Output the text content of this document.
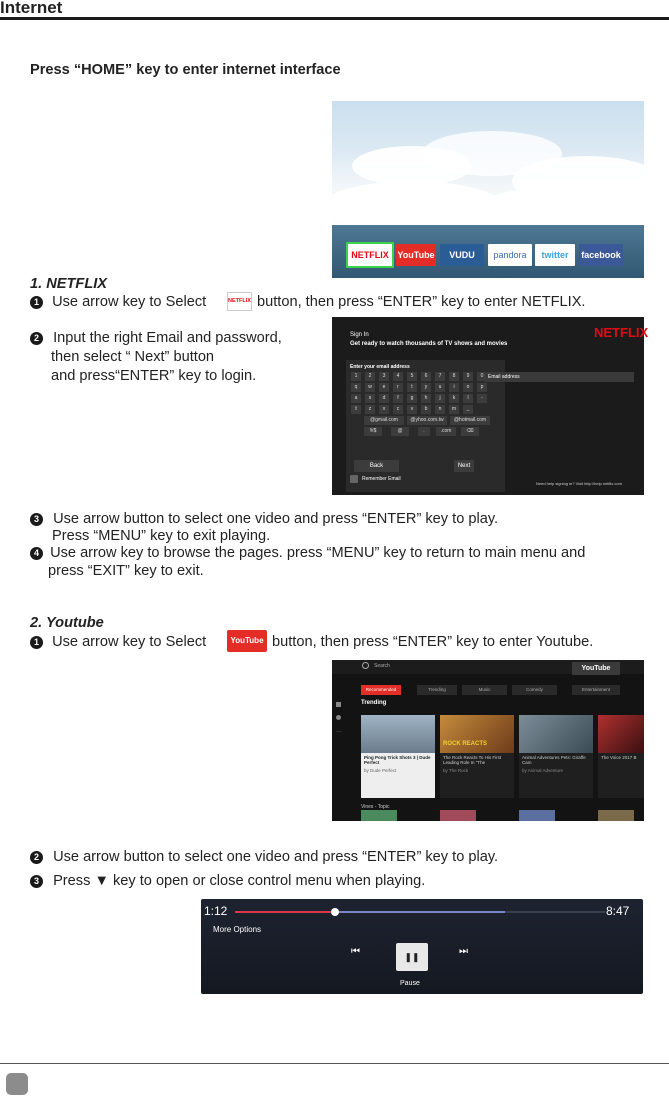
Internet
Press “HOME” key to enter internet interface
NETFLIX YouTube	VUDU	pandora	twitter	facebook
1. NETFLIX
1 Use arrow key to Select	NETFLIX button, then press “ENTER” key to enter NETFLIX.
2 Input the right Email and password,
then select “ Next” button
and press“ENTER” key to login.
Sign In
Get ready to watch thousands of TV shows and movies
NETFLIX
Enter your email address
1	2	3	4	5	6	7	8	9	0
q	w	e	r	t	y	u	i	o	p
a	s	d	f	g	h	j	k	l	-
⇧	z	x	c	v	b	n	m	_
@gmail.com	@yhoo.com.tw	@hotmail.com
!#$	@	.	.com	⌫
Back	Next
Email address
Remember Email
Need help signing in? Visit http://help.netflix.com
3 Use arrow button to select one video and press “ENTER” key to play.
Press “MENU” key to exit playing.
4 Use arrow key to browse the pages. press “MENU” key to return to main menu and
press “EXIT” key to exit.
2. Youtube
1 Use arrow key to Select	YouTube button, then press “ENTER” key to enter Youtube.
Search	YouTube
Recommended	Trending	Music	Comedy	Entertainment
Trending
…
ROCK REACTS
Ping Pong Trick Shots 3 | Dude Perfect
by Dude Perfect
The Rock Reacts To His First Leading Role In "The
by The Rock
Animal Adventures Pets: Giraffe Cam
by Animal Adventure
The Voice 2017 B
Vines - Topic
2 Use arrow button to select one video and press “ENTER” key to play.
3 Press ▼ key to open or close control menu when playing.
1:12	8:47
More Options
⏮	❚❚	⏭
Pause
